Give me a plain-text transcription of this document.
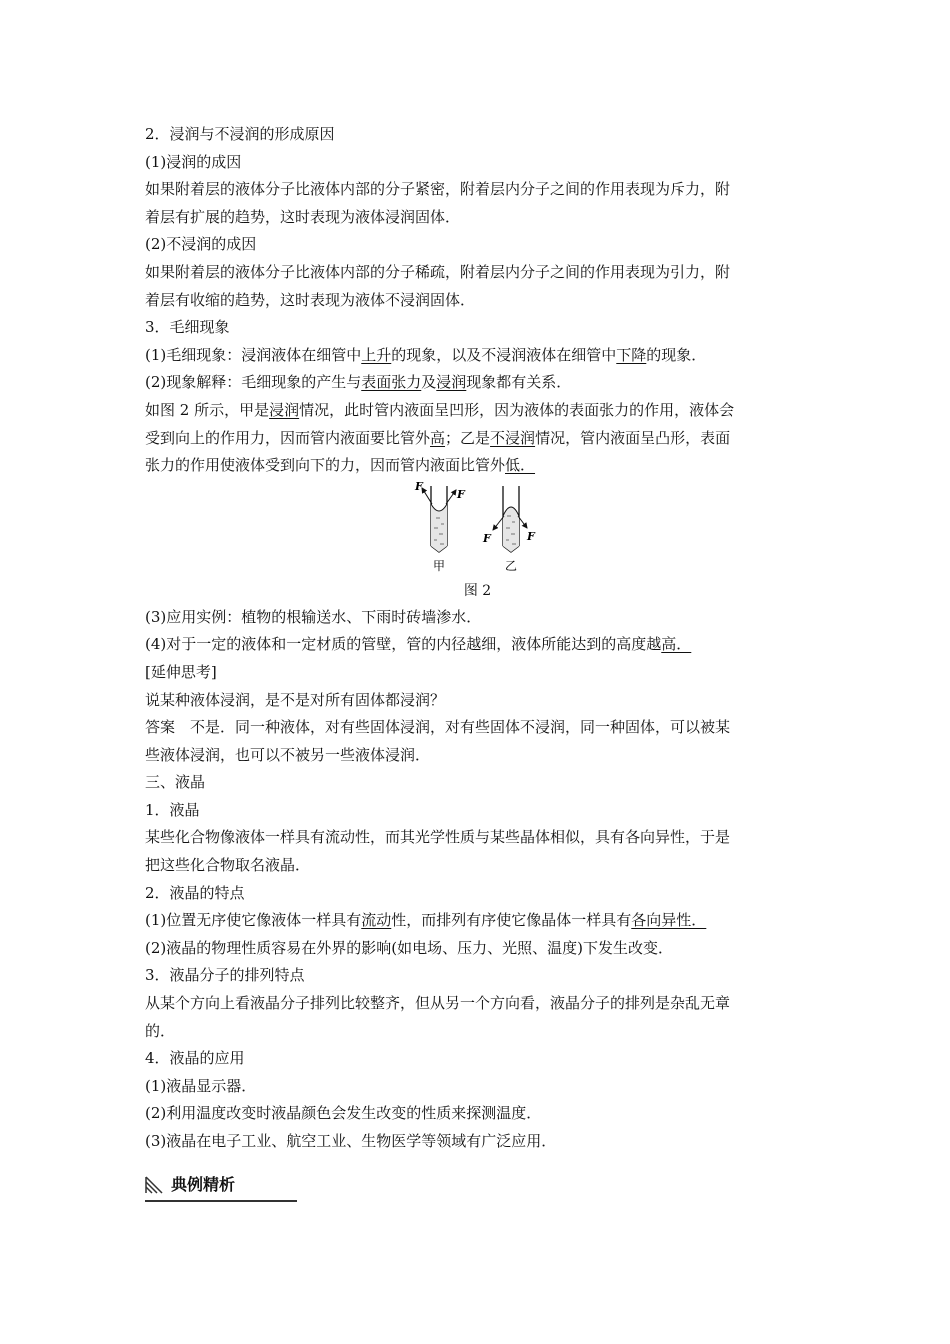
2．浸润与不浸润的形成原因
(1)浸润的成因
如果附着层的液体分子比液体内部的分子紧密，附着层内分子之间的作用表现为斥力，附
着层有扩展的趋势，这时表现为液体浸润固体．
(2)不浸润的成因
如果附着层的液体分子比液体内部的分子稀疏，附着层内分子之间的作用表现为引力，附
着层有收缩的趋势，这时表现为液体不浸润固体．
3．毛细现象
(1)毛细现象：浸润液体在细管中上升的现象，以及不浸润液体在细管中下降的现象．
(2)现象解释：毛细现象的产生与表面张力及浸润现象都有关系．
如图 2 所示，甲是浸润情况，此时管内液面呈凹形，因为液体的表面张力的作用，液体会
受到向上的作用力，因而管内液面要比管外高；乙是不浸润情况，管内液面呈凸形，表面
张力的作用使液体受到向下的力，因而管内液面比管外低．
F
F
F	F
甲	乙
图 2
(3)应用实例：植物的根输送水、下雨时砖墙渗水．
(4)对于一定的液体和一定材质的管壁，管的内径越细，液体所能达到的高度越高．
[延伸思考]
说某种液体浸润，是不是对所有固体都浸润？
答案　不是．同一种液体，对有些固体浸润，对有些固体不浸润，同一种固体，可以被某
些液体浸润，也可以不被另一些液体浸润．
三、液晶
1．液晶
某些化合物像液体一样具有流动性，而其光学性质与某些晶体相似，具有各向异性，于是
把这些化合物取名液晶．
2．液晶的特点
(1)位置无序使它像液体一样具有流动性，而排列有序使它像晶体一样具有各向异性．
(2)液晶的物理性质容易在外界的影响(如电场、压力、光照、温度)下发生改变．
3．液晶分子的排列特点
从某个方向上看液晶分子排列比较整齐，但从另一个方向看，液晶分子的排列是杂乱无章
的．
4．液晶的应用
(1)液晶显示器．
(2)利用温度改变时液晶颜色会发生改变的性质来探测温度．
(3)液晶在电子工业、航空工业、生物医学等领域有广泛应用．
典例精析
